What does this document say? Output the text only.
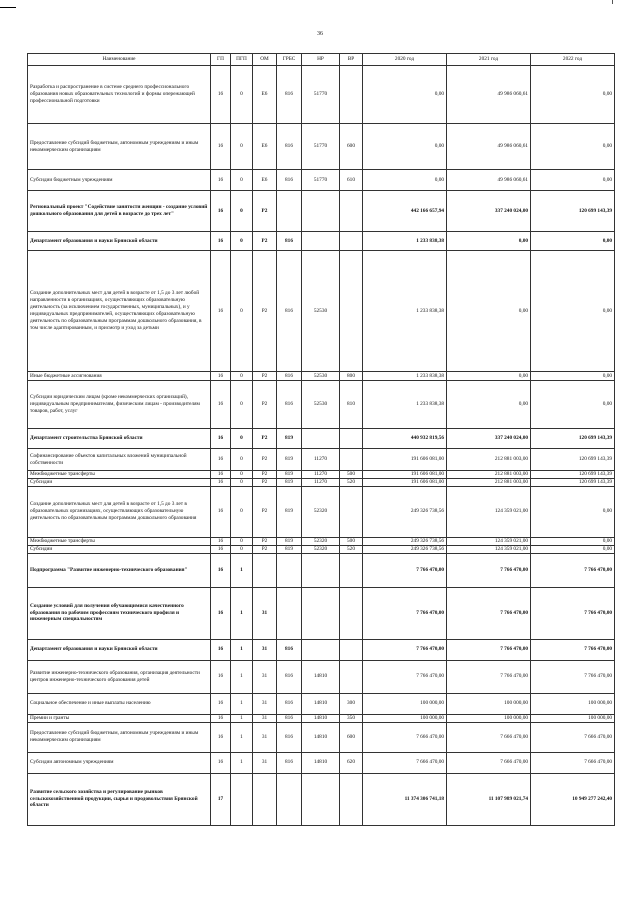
36
Наименование	ГП	ПГП	ОМ	ГРБС	НР	ВР	2020 год	2021 год	2022 год
Разработка и распространение в системе среднего профессионального образования новых образовательных технологий и формы опережающей профессиональной подготовки	16	0	Е6	816	51770		0,00	49 986 060,61	0,00
Предоставление субсидий бюджетным, автономным учреждениям и иным некоммерческим организациям	16	0	Е6	816	51770	600	0,00	49 986 060,61	0,00
Субсидии бюджетным учреждениям	16	0	Е6	816	51770	610	0,00	49 986 060,61	0,00
Региональный проект "Содействие занятости женщин - создание условий дошкольного образования для детей в возрасте до трех лет"	16	0	Р2				442 166 657,94	337 240 024,00	120 699 143,39
Департамент образования и науки Брянской области	16	0	Р2	816			1 233 838,38	0,00	0,00
Создание дополнительных мест для детей в возрасте от 1,5 до 3 лет любой направленности в организациях, осуществляющих образовательную деятельность (за исключением государственных, муниципальных), и у индивидуальных предпринимателей, осуществляющих образовательную деятельность по образовательным программам дошкольного образования, в том числе адаптированным, и присмотр и уход за детьми	16	0	Р2	816	52530		1 233 838,38	0,00	0,00
Иные бюджетные ассигнования	16	0	Р2	816	52530	800	1 233 838,38	0,00	0,00
Субсидии юридическим лицам (кроме некоммерческих организаций), индивидуальным предпринимателям, физическим лицам - производителям товаров, работ, услуг	16	0	Р2	816	52530	810	1 233 838,38	0,00	0,00
Департамент строительства Брянской области	16	0	Р2	819			440 932 819,56	337 240 024,00	120 699 143,39
Софинансирование объектов капитальных вложений муниципальной собственности	16	0	Р2	819	11270		191 606 081,00	212 881 003,00	120 699 143,39
Межбюджетные трансферты	16	0	Р2	819	11270	500	191 606 081,00	212 881 003,00	120 699 143,39
Субсидии	16	0	Р2	819	11270	520	191 606 081,00	212 881 003,00	120 699 143,39
Создание дополнительных мест для детей в возрасте от 1,5 до 3 лет в образовательных организациях, осуществляющих образовательную деятельность по образовательным программам дошкольного образования	16	0	Р2	819	52320		249 326 738,56	124 359 021,00	0,00
Межбюджетные трансферты	16	0	Р2	819	52320	500	249 326 738,56	124 359 021,00	0,00
Субсидии	16	0	Р2	819	52320	520	249 326 738,56	124 359 021,00	0,00
Подпрограмма "Развитие инженерно-технического образования"	16	1					7 766 470,00	7 766 470,00	7 766 470,00
Создание условий для получения обучающимися качественного образования по рабочим профессиям технического профиля и инженерным специальностям	16	1	31				7 766 470,00	7 766 470,00	7 766 470,00
Департамент образования и науки Брянской области	16	1	31	816			7 766 470,00	7 766 470,00	7 766 470,00
Развитие инженерно-технического образования, организация деятельности центров инженерно-технического образования детей	16	1	31	816	14810		7 766 470,00	7 766 470,00	7 766 470,00
Социальное обеспечение и иные выплаты населению	16	1	31	816	14810	300	100 000,00	100 000,00	100 000,00
Премии и гранты	16	1	31	816	14810	350	100 000,00	100 000,00	100 000,00
Предоставление субсидий бюджетным, автономным учреждениям и иным некоммерческим организациям	16	1	31	816	14810	600	7 666 470,00	7 666 470,00	7 666 470,00
Субсидии автономным учреждениям	16	1	31	816	14810	620	7 666 470,00	7 666 470,00	7 666 470,00
Развитие сельского хозяйства и регулирование рынков сельскохозяйственной продукции, сырья и продовольствия Брянской области	17						11 374 306 741,18	11 107 989 021,74	10 949 277 242,40
